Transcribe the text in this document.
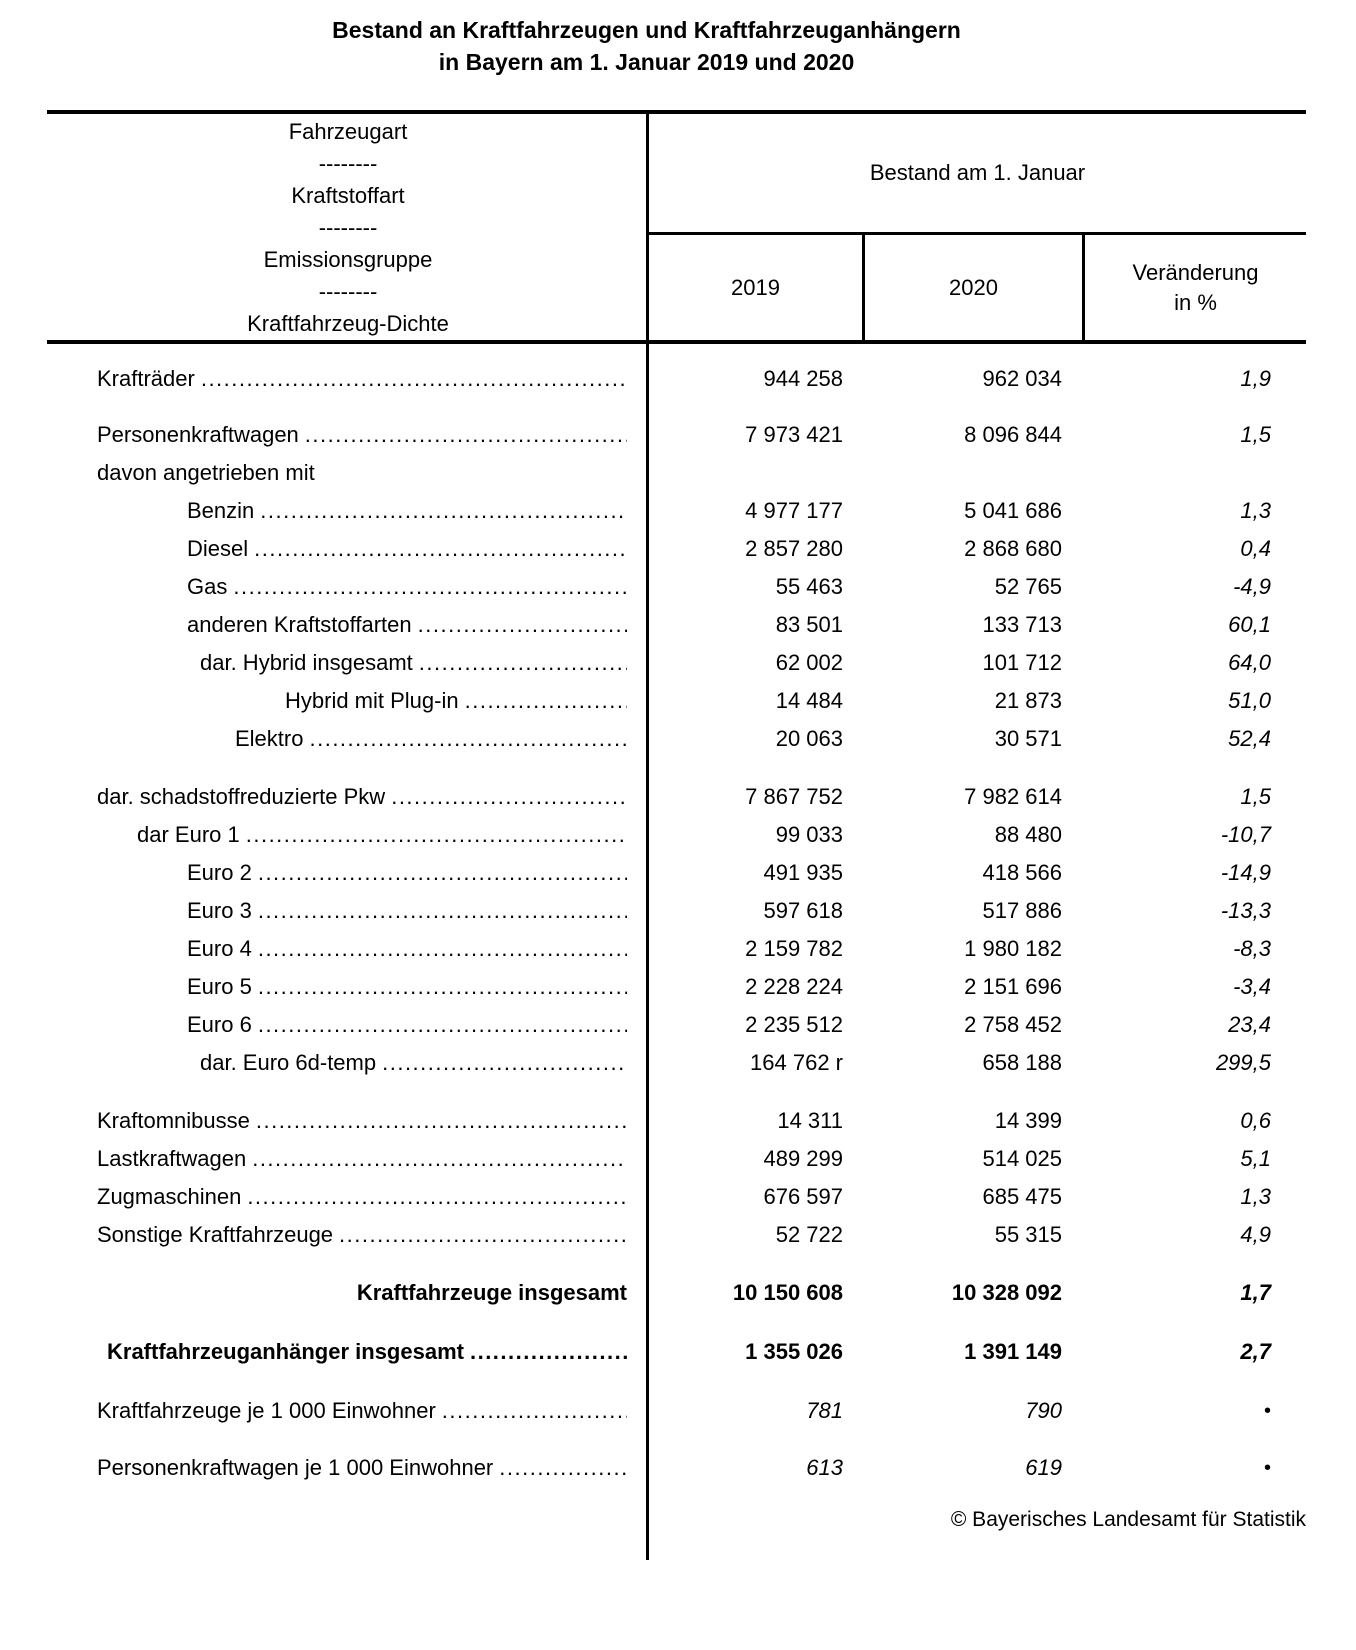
Bestand an Kraftfahrzeugen und Kraftfahrzeuganhängern
in Bayern am 1. Januar 2019 und 2020
Fahrzeugart
--------
Kraftstoffart
--------
Emissionsgruppe
--------
Kraftfahrzeug-Dichte
Bestand am 1. Januar
2019	2020
Veränderung
in %
Krafträder .....	944 258	962 034	1,9
Personenkraftwagen .....	7 973 421	8 096 844	1,5
davon angetrieben mit
Benzin .....	4 977 177	5 041 686	1,3
Diesel .....	2 857 280	2 868 680	0,4
Gas .....	55 463	52 765	-4,9
anderen Kraftstoffarten .....	83 501	133 713	60,1
dar. Hybrid insgesamt .....	62 002	101 712	64,0
Hybrid mit Plug-in .....	14 484	21 873	51,0
Elektro .....	20 063	30 571	52,4
dar. schadstoffreduzierte Pkw .....	7 867 752	7 982 614	1,5
dar Euro 1 .....	99 033	88 480	-10,7
Euro 2 .....	491 935	418 566	-14,9
Euro 3 .....	597 618	517 886	-13,3
Euro 4 .....	2 159 782	1 980 182	-8,3
Euro 5 .....	2 228 224	2 151 696	-3,4
Euro 6 .....	2 235 512	2 758 452	23,4
dar. Euro 6d-temp .....	164 762 r	658 188	299,5
Kraftomnibusse .....	14 311	14 399	0,6
Lastkraftwagen .....	489 299	514 025	5,1
Zugmaschinen .....	676 597	685 475	1,3
Sonstige Kraftfahrzeuge .....	52 722	55 315	4,9
Kraftfahrzeuge insgesamt	10 150 608	10 328 092	1,7
Kraftfahrzeuganhänger insgesamt .....	1 355 026	1 391 149	2,7
Kraftfahrzeuge je 1 000 Einwohner .....	781	790	•
Personenkraftwagen je 1 000 Einwohner .....	613	619	•
© Bayerisches Landesamt für Statistik
